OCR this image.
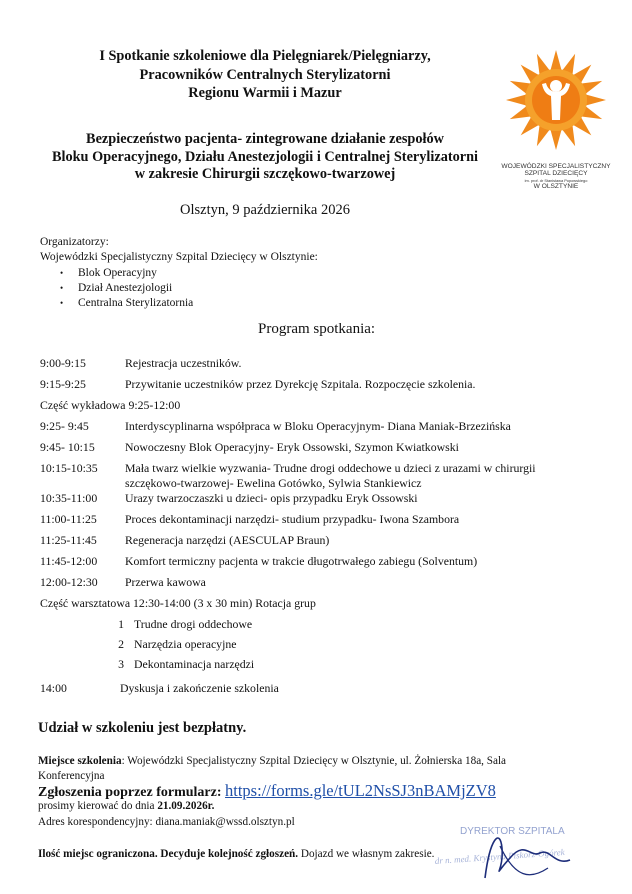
I Spotkanie szkoleniowe dla Pielęgniarek/Pielęgniarzy,
Pracowników Centralnych Sterylizatorni
Regionu Warmii i Mazur
Bezpieczeństwo pacjenta- zintegrowane działanie zespołów
Bloku Operacyjnego, Działu Anestezjologii i Centralnej Sterylizatorni
w zakresie Chirurgii szczękowo-twarzowej
Olsztyn, 9 października 2026
WOJEWÓDZKI SPECJALISTYCZNY
SZPITAL DZIECIĘCY
im. prof. dr Stanisława Popowskiego
W OLSZTYNIE
Organizatorzy:
Wojewódzki Specjalistyczny Szpital Dziecięcy w Olsztynie:
• Blok Operacyjny
• Dział Anestezjologii
• Centralna Sterylizatornia
Program spotkania:
9:00-9:15	Rejestracja uczestników.
9:15-9:25	Przywitanie uczestników przez Dyrekcję Szpitala. Rozpoczęcie szkolenia.
Część wykładowa 9:25-12:00
9:25- 9:45	Interdyscyplinarna współpraca w Bloku Operacyjnym- Diana Maniak-Brzezińska
9:45- 10:15	Nowoczesny Blok Operacyjny- Eryk Ossowski, Szymon Kwiatkowski
10:15-10:35	Mała twarz wielkie wyzwania- Trudne drogi oddechowe u dzieci z urazami w chirurgii szczękowo-twarzowej- Ewelina Gotówko, Sylwia Stankiewicz
10:35-11:00	Urazy twarzoczaszki u dzieci- opis przypadku Eryk Ossowski
11:00-11:25	Proces dekontaminacji narzędzi- studium przypadku- Iwona Szambora
11:25-11:45	Regeneracja narzędzi (AESCULAP Braun)
11:45-12:00	Komfort termiczny pacjenta w trakcie długotrwałego zabiegu (Solventum)
12:00-12:30	Przerwa kawowa
Część warsztatowa 12:30-14:00 (3 x 30 min) Rotacja grup
1 Trudne drogi oddechowe
2 Narzędzia operacyjne
3 Dekontaminacja narzędzi
14:00	Dyskusja i zakończenie szkolenia
Udział w szkoleniu jest bezpłatny.
Miejsce szkolenia: Wojewódzki Specjalistyczny Szpital Dziecięcy w Olsztynie, ul. Żołnierska 18a, Sala Konferencyjna
Zgłoszenia poprzez formularz: https://forms.gle/tUL2NsSJ3nBAMjZV8
prosimy kierować do dnia 21.09.2026r.
Adres korespondencyjny: diana.maniak@wssd.olsztyn.pl
Ilość miejsc ograniczona. Decyduje kolejność zgłoszeń. Dojazd we własnym zakresie.
DYREKTOR SZPITALA
dr n. med. Krystyna Piskorz-Ogórek
